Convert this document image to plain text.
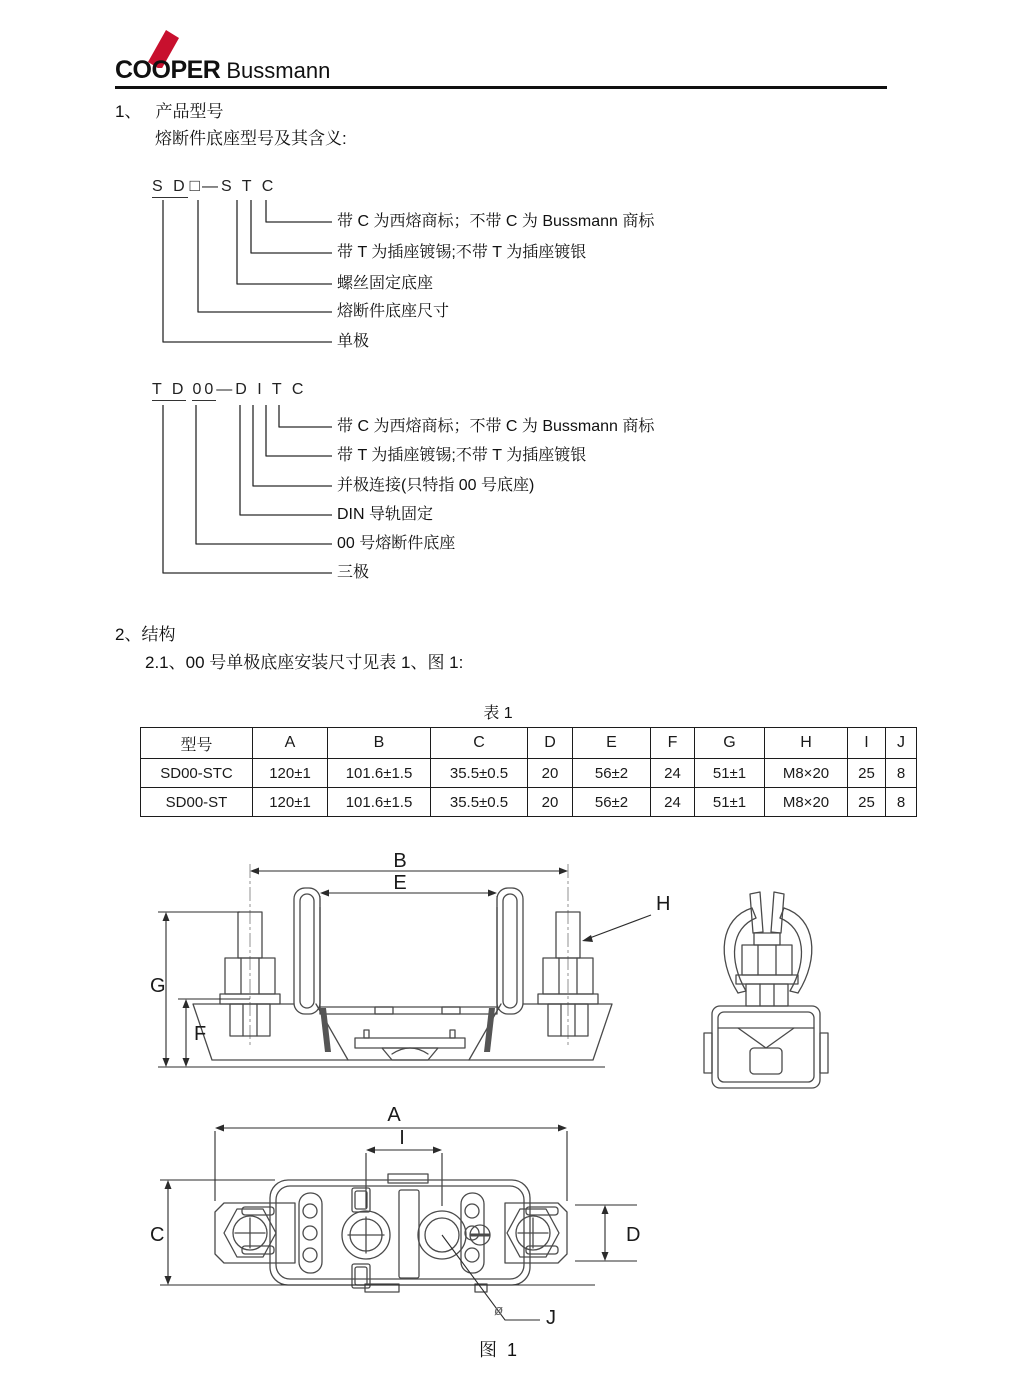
COOPER Bussmann
1、 产品型号
熔断件底座型号及其含义:
S D □ —S T C
带 C 为西熔商标；不带 C 为 Bussmann 商标
带 T 为插座镀锡;不带 T 为插座镀银
螺丝固定底座
熔断件底座尺寸
单极
T D 00—D I T C
带 C 为西熔商标；不带 C 为 Bussmann 商标
带 T 为插座镀锡;不带 T 为插座镀银
并极连接(只特指 00 号底座)
DIN 导轨固定
00 号熔断件底座
三极
2、结构
2.1、00 号单极底座安装尺寸见表 1、图 1:
表 1
型号	A	B	C	D	E	F	G	H	I	J
SD00-STC	120±1	101.6±1.5	35.5±0.5	20	56±2	24	51±1	M8×20	25	8
SD00-ST	120±1	101.6±1.5	35.5±0.5	20	56±2	24	51±1	M8×20	25	8
B
E
G
F
H
A
I
C	D
ø J
图  1
